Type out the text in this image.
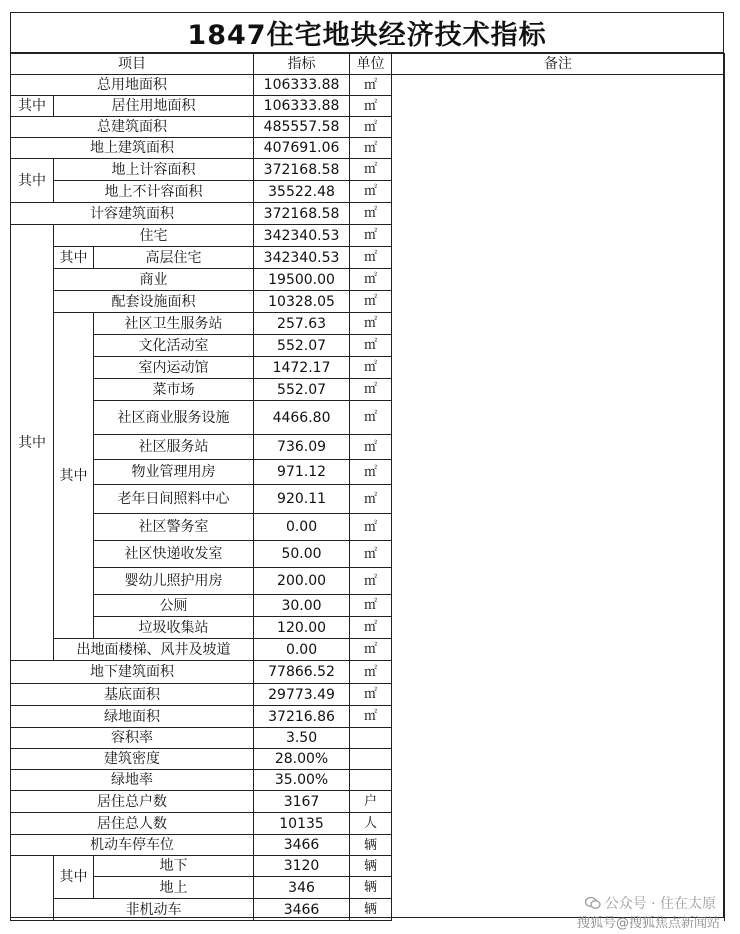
1847住宅地块经济技术指标
项目			指标	单位	备注
总用地面积			106333.88	㎡	
其中	居住用地面积		106333.88	㎡	
总建筑面积			485557.58	㎡	
地上建筑面积			407691.06	㎡	
其中	地上计容面积		372168.58	㎡	
	地上不计容面积		35522.48	㎡	
计容建筑面积			372168.58	㎡	
其中	住宅		342340.53	㎡	
	其中	高层住宅	342340.53	㎡	
	商业		19500.00	㎡	
	配套设施面积		10328.05	㎡	
	其中	社区卫生服务站	257.63	㎡	
		文化活动室	552.07	㎡	
		室内运动馆	1472.17	㎡	
		菜市场	552.07	㎡	
		社区商业服务设施	4466.80	㎡	
		社区服务站	736.09	㎡	
		物业管理用房	971.12	㎡	
		老年日间照料中心	920.11	㎡	
		社区警务室	0.00	㎡	
		社区快递收发室	50.00	㎡	
		婴幼儿照护用房	200.00	㎡	
		公厕	30.00	㎡	
		垃圾收集站	120.00	㎡	
	出地面楼梯、风井及坡道		0.00	㎡	
地下建筑面积			77866.52	㎡	
基底面积			29773.49	㎡	
绿地面积			37216.86	㎡	
容积率			3.50		
建筑密度			28.00%		
绿地率			35.00%		
居住总户数			3167	户	
居住总人数			10135	人	
机动车停车位			3466	辆	
	其中	地下	3120	辆	
		地上	346	辆	
	非机动车		3466	辆		公众号 · 住在太原
搜狐号@搜狐焦点新闻站
